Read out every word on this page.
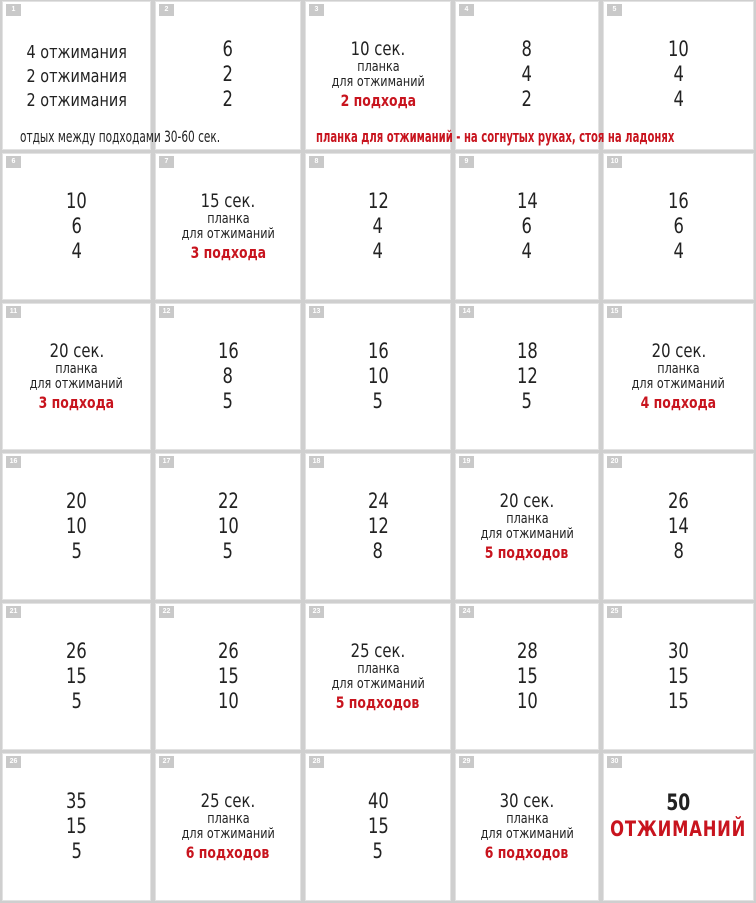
1
4 отжимания
2 отжимания
2 отжимания
2
6
2
2
3
10 сек.
планка
для отжиманий
2 подхода
4
8
4
2
5
10
4
4
6
10
6
4
7
15 сек.
планка
для отжиманий
3 подхода
8
12
4
4
9
14
6
4
10
16
6
4
11
20 сек.
планка
для отжиманий
3 подхода
12
16
8
5
13
16
10
5
14
18
12
5
15
20 сек.
планка
для отжиманий
4 подхода
16
20
10
5
17
22
10
5
18
24
12
8
19
20 сек.
планка
для отжиманий
5 подходов
20
26
14
8
21
26
15
5
22
26
15
10
23
25 сек.
планка
для отжиманий
5 подходов
24
28
15
10
25
30
15
15
26
35
15
5
27
25 сек.
планка
для отжиманий
6 подходов
28
40
15
5
29
30 сек.
планка
для отжиманий
6 подходов
30
50
ОТЖИМАНИЙ
отдых между подходами 30-60 сек.	планка для отжиманий - на согнутых руках, стоя на ладонях
